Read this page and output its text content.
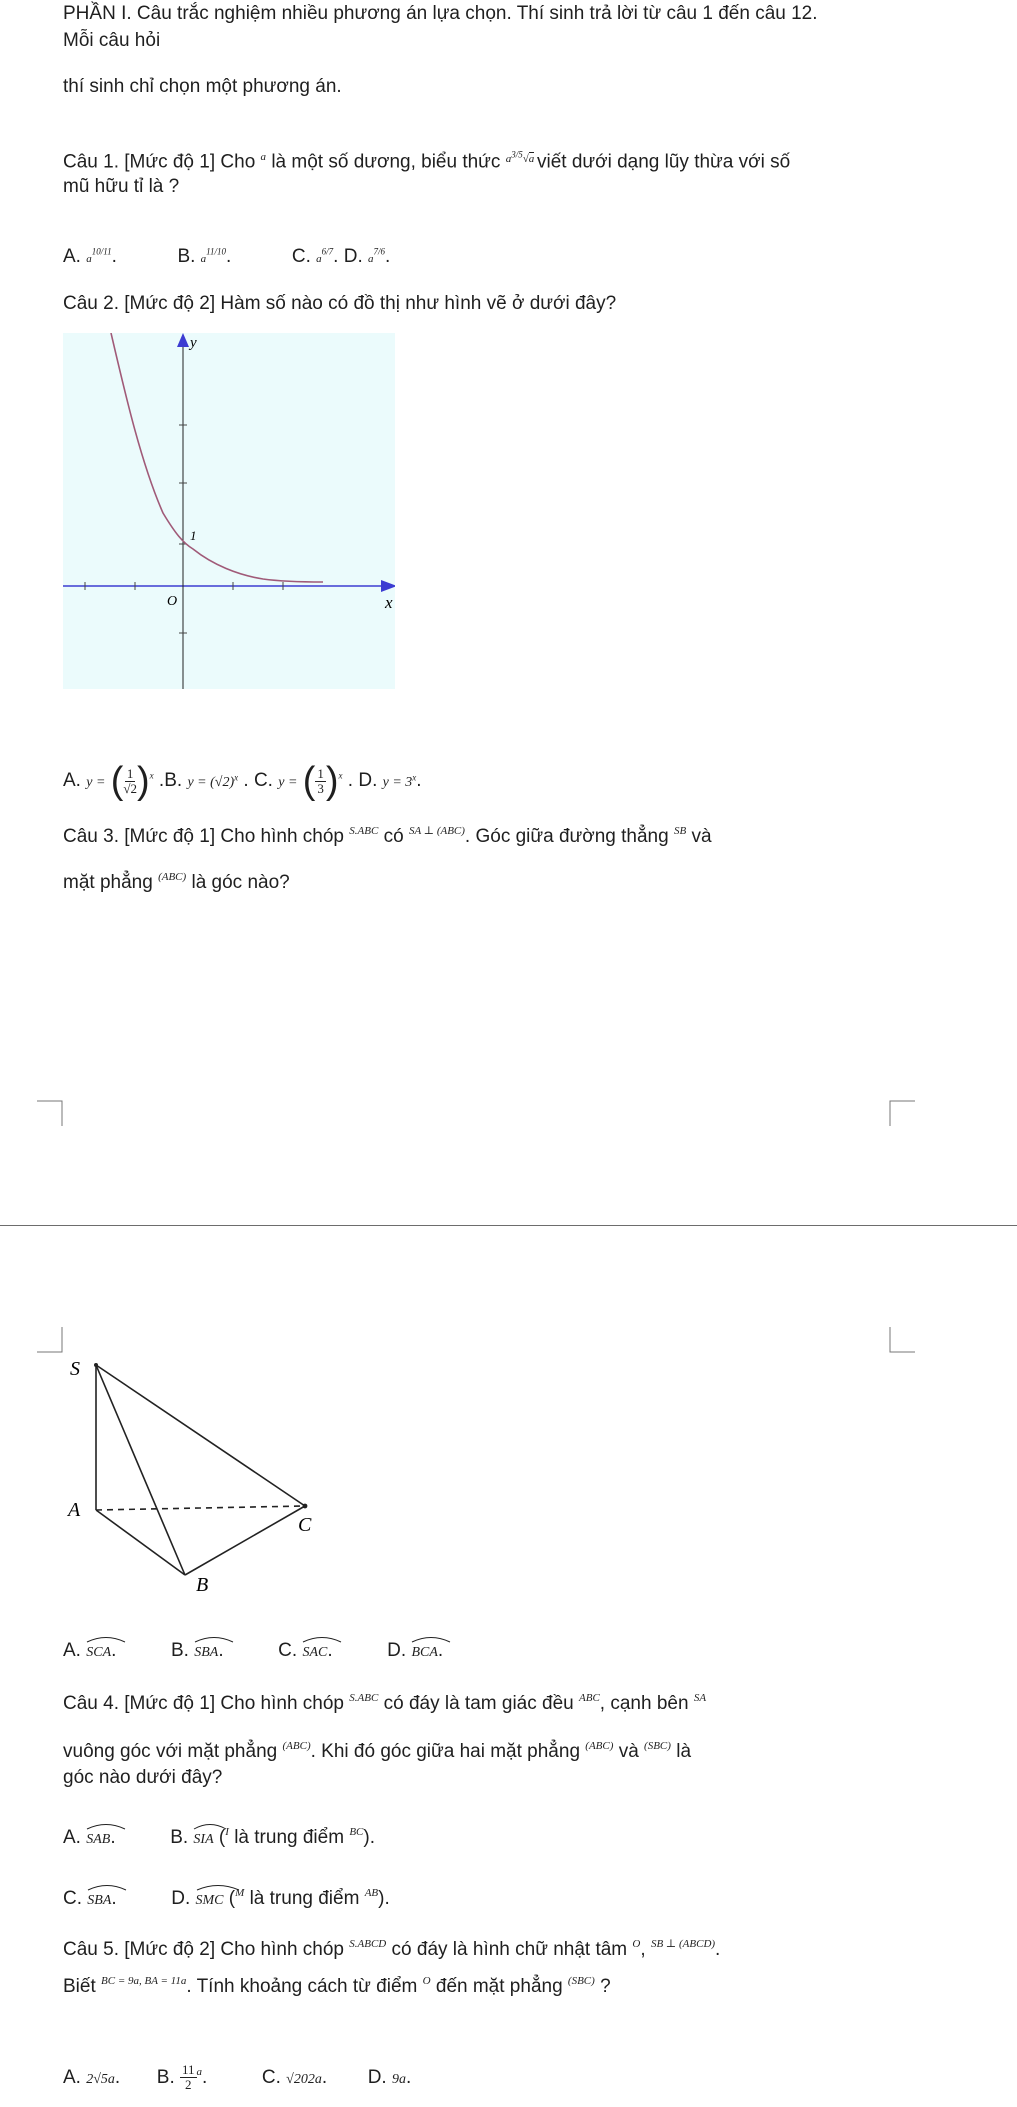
PHẦN I. Câu trắc nghiệm nhiều phương án lựa chọn. Thí sinh trả lời từ câu 1 đến câu 12.
Mỗi câu hỏi
thí sinh chỉ chọn một phương án.
Câu 1. [Mức độ 1] Cho $^a$ là một số dương, biểu thức $^{a^{3/5}√a}$ viết dưới dạng lũy thừa với số
mũ hữu tỉ là ?
A. $a^{10/11}$.	B. $a^{11/10}$.	C. $a^{6/7}$. D. $a^{7/6}$.
Câu 2. [Mức độ 2] Hàm số nào có đồ thị như hình vẽ ở dưới đây?
y
x
O
1
A. y = ( $\frac{1}{√2} )^x$ .B. $y = (√2)^x$ . C. y = ( $\frac{1}{3} )^x$ . D. $y = 3^x$.
Câu 3. [Mức độ 1] Cho hình chóp $^{S.ABC}$ có $^{SA \perp (ABC)}$. Góc giữa đường thẳng $^{SB}$ và
mặt phẳng $^{(ABC)}$ là góc nào?
S
A
B
C
A. SCA.	B. SBA.	C. SAC.	D. BCA.
Câu 4. [Mức độ 1] Cho hình chóp $^{S.ABC}$ có đáy là tam giác đều $^{ABC}$, cạnh bên $^{SA}$
vuông góc với mặt phẳng $^{(ABC)}$. Khi đó góc giữa hai mặt phẳng $^{(ABC)}$ và $^{(SBC)}$ là
góc nào dưới đây?
A. SAB.	B. SIA ($^I$ là trung điểm $^{BC}$).
C. SBA.	D. SMC ($^M$ là trung điểm $^{AB}$).
Câu 5. [Mức độ 2] Cho hình chóp $^{S.ABCD}$ có đáy là hình chữ nhật tâm $^O$, $^{SB \perp (ABCD)}$.
Biết $^{BC = 9a, BA = 11a}$. Tính khoảng cách từ điểm $^O$ đến mặt phẳng $^{(SBC)}$ ?
A. 2√5a. B. $\frac{11}{2} ^a$.	C. √202a. D. 9a.
